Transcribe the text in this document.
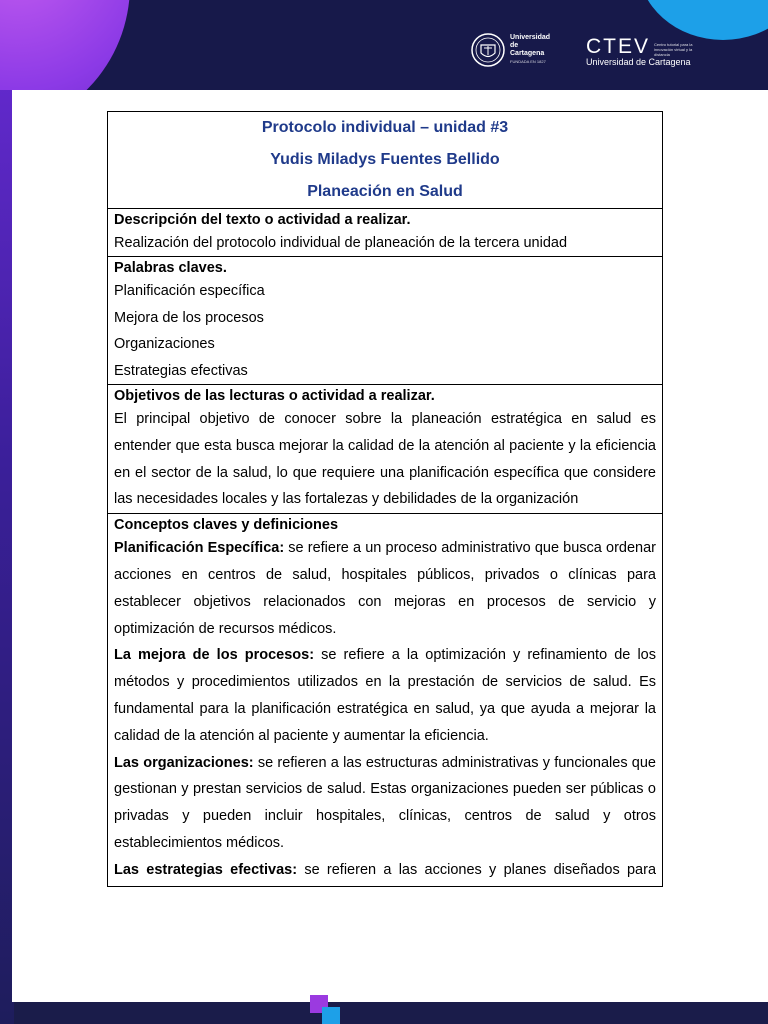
Universidad de Cartagena
FUNDADA EN 1827
CTEV Centro tutorial para la innovación virtual y la distancia
Universidad de Cartagena
Protocolo individual – unidad #3
Yudis Miladys Fuentes Bellido
Planeación en Salud

Descripción del texto o actividad a realizar.
Realización del protocolo individual de planeación de la tercera unidad

Palabras claves.
Planificación específica
Mejora de los procesos
Organizaciones
Estrategias efectivas

Objetivos de las lecturas o actividad a realizar.
El principal objetivo de conocer sobre la planeación estratégica en salud es entender que esta busca mejorar la calidad de la atención al paciente y la eficiencia en el sector de la salud, lo que requiere una planificación específica que considere las necesidades locales y las fortalezas y debilidades de la organización

Conceptos claves y definiciones

Planificación Específica: se refiere a un proceso administrativo que busca ordenar acciones en centros de salud, hospitales públicos, privados o clínicas para establecer objetivos relacionados con mejoras en procesos de servicio y optimización de recursos médicos.

La mejora de los procesos: se refiere a la optimización y refinamiento de los métodos y procedimientos utilizados en la prestación de servicios de salud. Es fundamental para la planificación estratégica en salud, ya que ayuda a mejorar la calidad de la atención al paciente y aumentar la eficiencia.

Las organizaciones: se refieren a las estructuras administrativas y funcionales que gestionan y prestan servicios de salud. Estas organizaciones pueden ser públicas o privadas y pueden incluir hospitales, clínicas, centros de salud y otros establecimientos médicos.

Las estrategias efectivas: se refieren a las acciones y planes diseñados para
